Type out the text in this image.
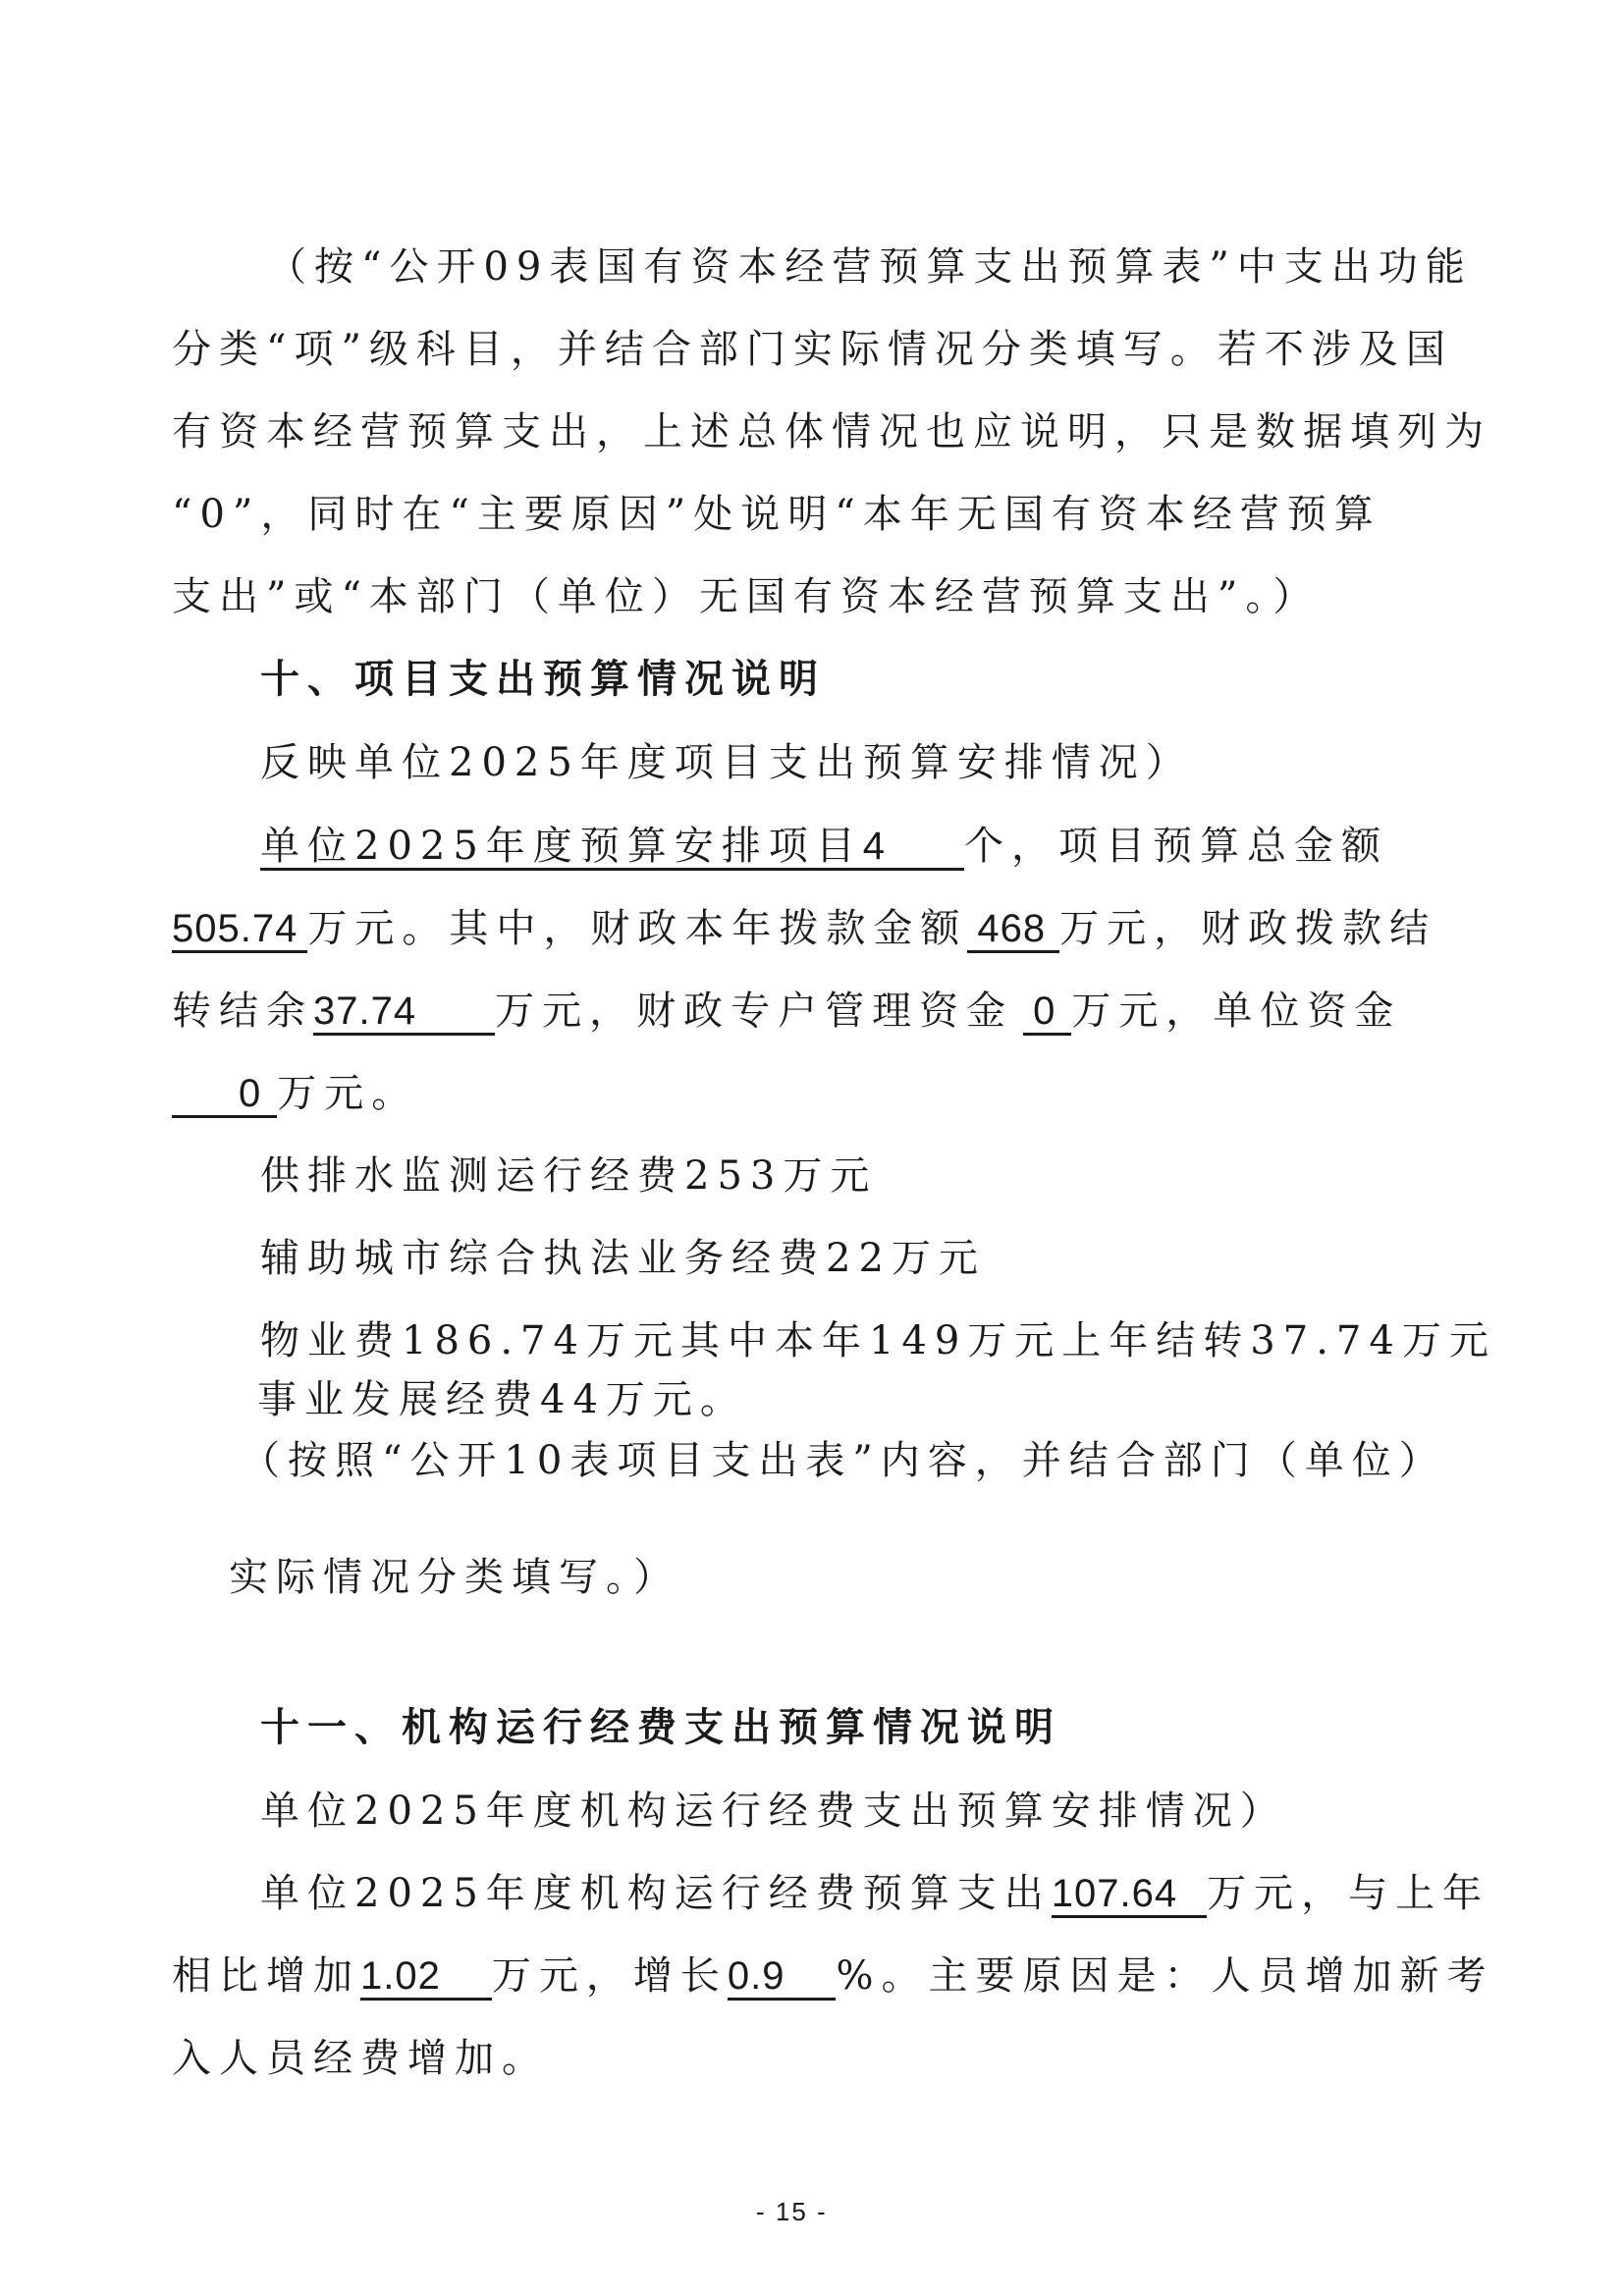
（按“公开09表国有资本经营预算支出预算表”中支出功能
分类“项”级科目，并结合部门实际情况分类填写。若不涉及国
有资本经营预算支出，上述总体情况也应说明，只是数据填列为
“0”，同时在“主要原因”处说明“本年无国有资本经营预算
支出”或“本部门（单位）无国有资本经营预算支出”。）
十、项目支出预算情况说明
反映单位2025年度项目支出预算安排情况）
单位2025年度预算安排项目4 个，项目预算总金额
505.74 万元。其中，财政本年拨款金额 468 万元，财政拨款结
转结余37.74 万元，财政专户管理资金 0 万元，单位资金
0 万元。
供排水监测运行经费253万元
辅助城市综合执法业务经费22万元
物业费186.74万元其中本年149万元上年结转37.74万元
事业发展经费44万元。
（按照“公开10表项目支出表”内容，并结合部门（单位）
实际情况分类填写。）
十一、机构运行经费支出预算情况说明
单位2025年度机构运行经费支出预算安排情况）
单位2025年度机构运行经费预算支出107.64 万元，与上年
相比增加1.02 万元，增长0.9 %。主要原因是：人员增加新考
入人员经费增加。
- 15 -
